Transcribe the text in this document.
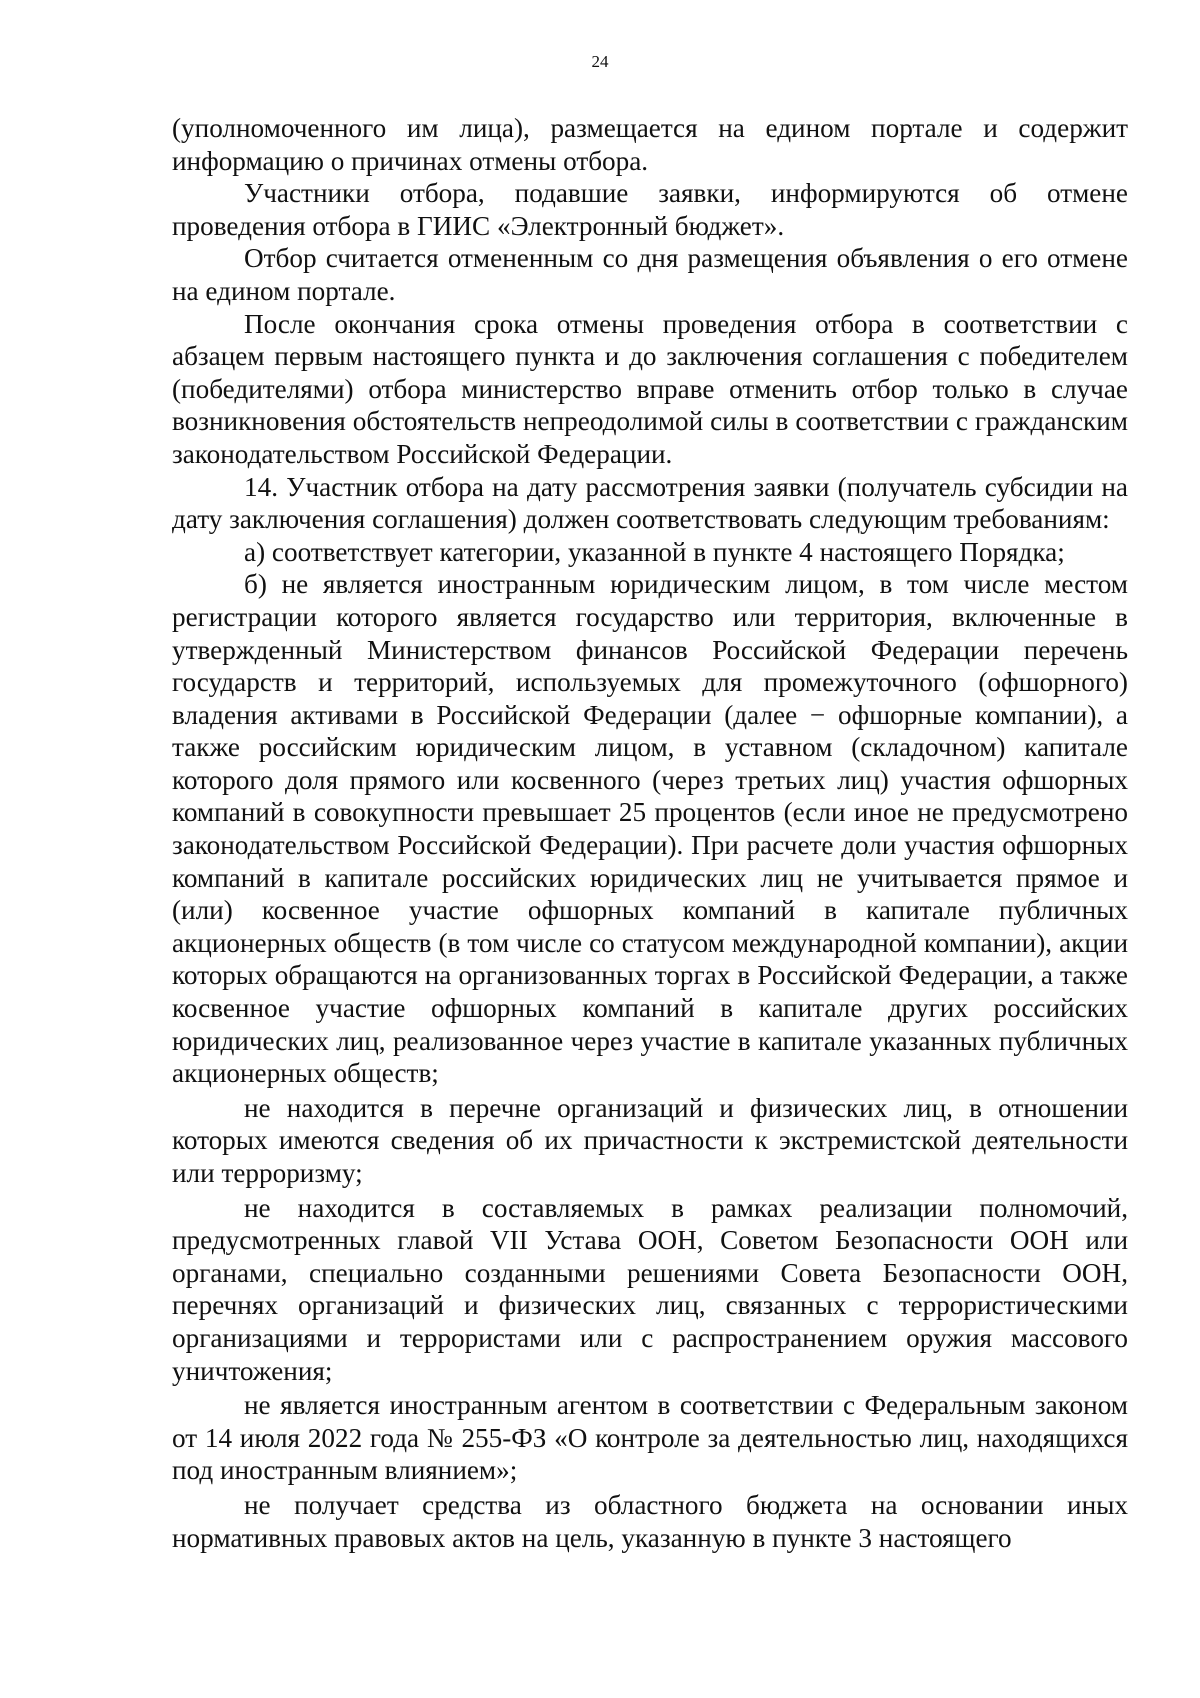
24

(уполномоченного им лица), размещается на едином портале и содержит информацию о причинах отмены отбора.

Участники отбора, подавшие заявки, информируются об отмене проведения отбора в ГИИС «Электронный бюджет».

Отбор считается отмененным со дня размещения объявления о его отмене на едином портале.

После окончания срока отмены проведения отбора в соответствии с абзацем первым настоящего пункта и до заключения соглашения с победителем (победителями) отбора министерство вправе отменить отбор только в случае возникновения обстоятельств непреодолимой силы в соответствии с гражданским законодательством Российской Федерации.

14. Участник отбора на дату рассмотрения заявки (получатель субсидии на дату заключения соглашения) должен соответствовать следующим требованиям:

а) соответствует категории, указанной в пункте 4 настоящего Порядка;

б) не является иностранным юридическим лицом, в том числе местом регистрации которого является государство или территория, включенные в утвержденный Министерством финансов Российской Федерации перечень государств и территорий, используемых для промежуточного (офшорного) владения активами в Российской Федерации (далее − офшорные компании), а также российским юридическим лицом, в уставном (складочном) капитале которого доля прямого или косвенного (через третьих лиц) участия офшорных компаний в совокупности превышает 25 процентов (если иное не предусмотрено законодательством Российской Федерации). При расчете доли участия офшорных компаний в капитале российских юридических лиц не учитывается прямое и (или) косвенное участие офшорных компаний в капитале публичных акционерных обществ (в том числе со статусом международной компании), акции которых обращаются на организованных торгах в Российской Федерации, а также косвенное участие офшорных компаний в капитале других российских юридических лиц, реализованное через участие в капитале указанных публичных акционерных обществ;

не находится в перечне организаций и физических лиц, в отношении которых имеются сведения об их причастности к экстремистской деятельности или терроризму;

не находится в составляемых в рамках реализации полномочий, предусмотренных главой VII Устава ООН, Советом Безопасности ООН или органами, специально созданными решениями Совета Безопасности ООН, перечнях организаций и физических лиц, связанных с террористическими организациями и террористами или с распространением оружия массового уничтожения;

не является иностранным агентом в соответствии с Федеральным законом от 14 июля 2022 года № 255-ФЗ «О контроле за деятельностью лиц, находящихся под иностранным влиянием»;

не получает средства из областного бюджета на основании иных нормативных правовых актов на цель, указанную в пункте 3 настоящего
